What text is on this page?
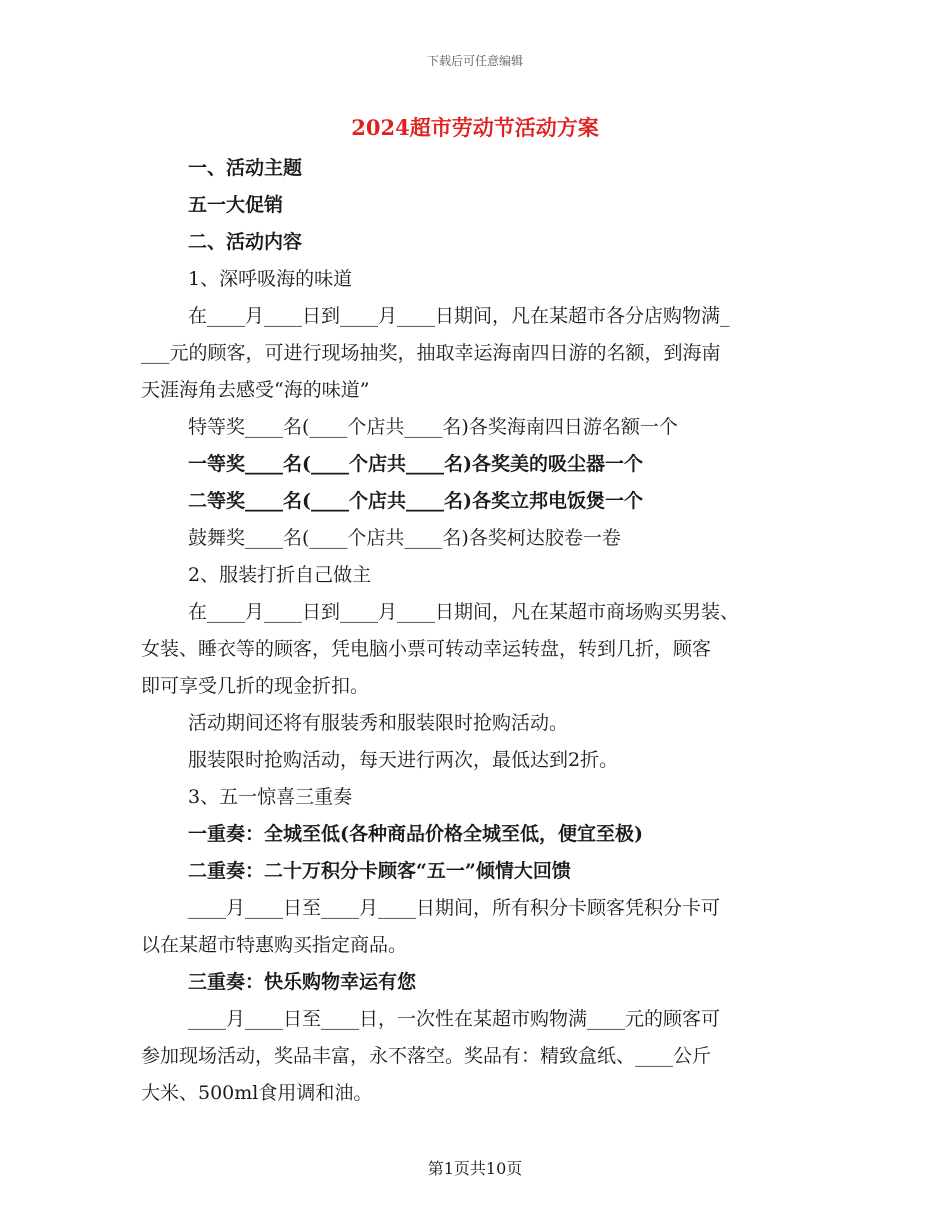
下载后可任意编辑
2024超市劳动节活动方案
一、活动主题
五一大促销
二、活动内容
1、深呼吸海的味道
在____月____日到____月____日期间，凡在某超市各分店购物满_
___元的顾客，可进行现场抽奖，抽取幸运海南四日游的名额，到海南
天涯海角去感受“海的味道”
特等奖____名(____个店共____名)各奖海南四日游名额一个
一等奖____名(____个店共____名)各奖美的吸尘器一个
二等奖____名(____个店共____名)各奖立邦电饭煲一个
鼓舞奖____名(____个店共____名)各奖柯达胶卷一卷
2、服装打折自己做主
在____月____日到____月____日期间，凡在某超市商场购买男装、
女装、睡衣等的顾客，凭电脑小票可转动幸运转盘，转到几折，顾客
即可享受几折的现金折扣。
活动期间还将有服装秀和服装限时抢购活动。
服装限时抢购活动，每天进行两次，最低达到2折。
3、五一惊喜三重奏
一重奏：全城至低(各种商品价格全城至低，便宜至极)
二重奏：二十万积分卡顾客“五一”倾情大回馈
____月____日至____月____日期间，所有积分卡顾客凭积分卡可
以在某超市特惠购买指定商品。
三重奏：快乐购物幸运有您
____月____日至____日，一次性在某超市购物满____元的顾客可
参加现场活动，奖品丰富，永不落空。奖品有：精致盒纸、____公斤
大米、500ml食用调和油。
第1页共10页
